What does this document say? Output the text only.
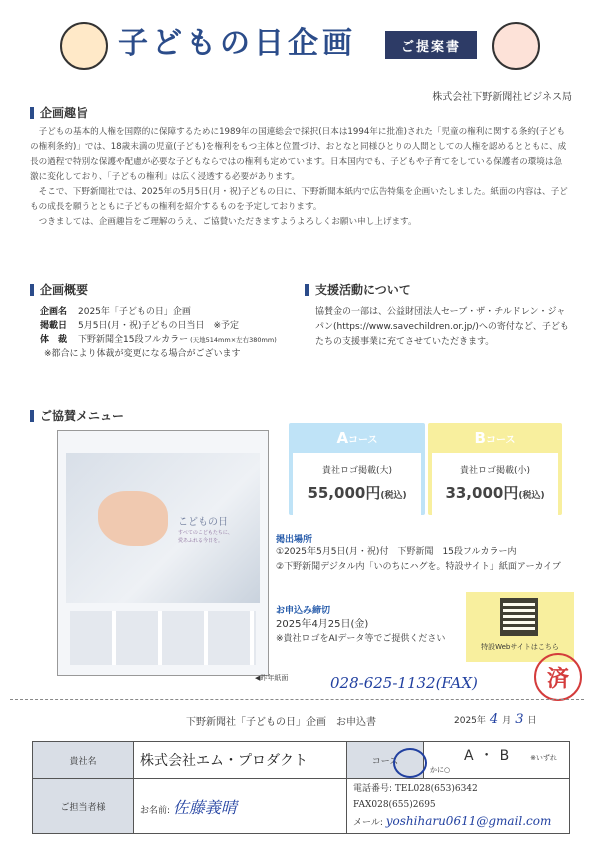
子どもの日企画	ご提案書
株式会社下野新聞社ビジネス局
企画趣旨

子どもの基本的人権を国際的に保障するために1989年の国連総会で採択(日本は1994年に批准)された「児童の権利に関する条約(子どもの権利条約)」では、18歳未満の児童(子ども)を権利をもつ主体と位置づけ、おとなと同様ひとりの人間としての人権を認めるとともに、成長の過程で特別な保護や配慮が必要な子どもならではの権利も定めています。日本国内でも、子どもや子育てをしている保護者の環境は急激に変化しており、「子どもの権利」は広く浸透する必要があります。

そこで、下野新聞社では、2025年の5月5日(月・祝)子どもの日に、下野新聞本紙内で広告特集を企画いたしました。紙面の内容は、子どもの成長を願うとともに子どもの権利を紹介するものを予定しております。

つきましては、企画趣旨をご理解のうえ、ご協賛いただきますようよろしくお願い申し上げます。

企画概要
企画名	2025年「子どもの日」企画
掲載日	5月5日(月・祝)子どもの日当日　※予定
体　裁	下野新聞全15段フルカラー (天地514mm×左右380mm)
※都合により体裁が変更になる場合がございます
支援活動について
協賛金の一部は、公益財団法人セーブ・ザ・チルドレン・ジャパン(https://www.savechildren.or.jp/)への寄付など、子どもたちの支援事業に充てさせていただきます。
ご協賛メニュー
こどもの日
すべてのこどもたちに、
愛あふれる今日を。
◀昨年紙面
Aコース
貴社ロゴ掲載(大)
55,000円(税込)
Bコース
貴社ロゴ掲載(小)
33,000円(税込)
掲出場所
①2025年5月5日(月・祝)付　下野新聞　15段フルカラー内
②下野新聞デジタル内「いのちにハグを。特設サイト」紙面アーカイブ
お申込み締切
2025年4月25日(金)
※貴社ロゴをAIデータ等でご提供ください
特設Webサイトはこちら
028-625-1132(FAX)	済
下野新聞社「子どもの日」企画　お申込書	2025年 4 月 3 日
貴社名	株式会社エム・プロダクト	コース	A・B ※いずれかに○
ご担当者様	お名前: 佐藤義晴	電話番号: TEL028(653)6342 FAX028(655)2695
メール: yoshiharu0611@gmail.com	
